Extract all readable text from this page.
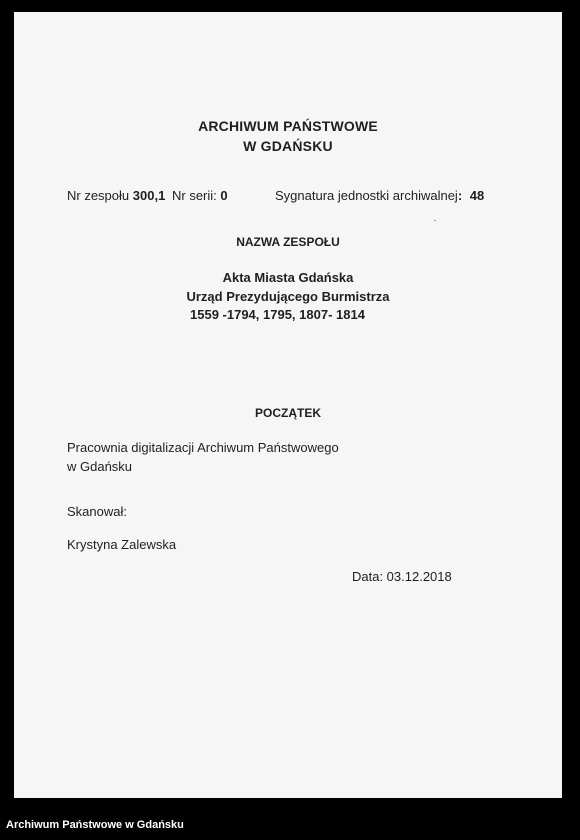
ARCHIWUM PAŃSTWOWE
W GDAŃSKU
Nr zespołu 300,1 Nr serii: 0	Sygnatura jednostki archiwalnej: 48
NAZWA ZESPOŁU
Akta Miasta Gdańska
Urząd Prezydującego Burmistrza
1559 -1794, 1795, 1807- 1814
POCZĄTEK
Pracownia digitalizacji Archiwum Państwowego
w Gdańsku
Skanował:
Krystyna Zalewska
Data: 03.12.2018
Archiwum Państwowe w Gdańsku
